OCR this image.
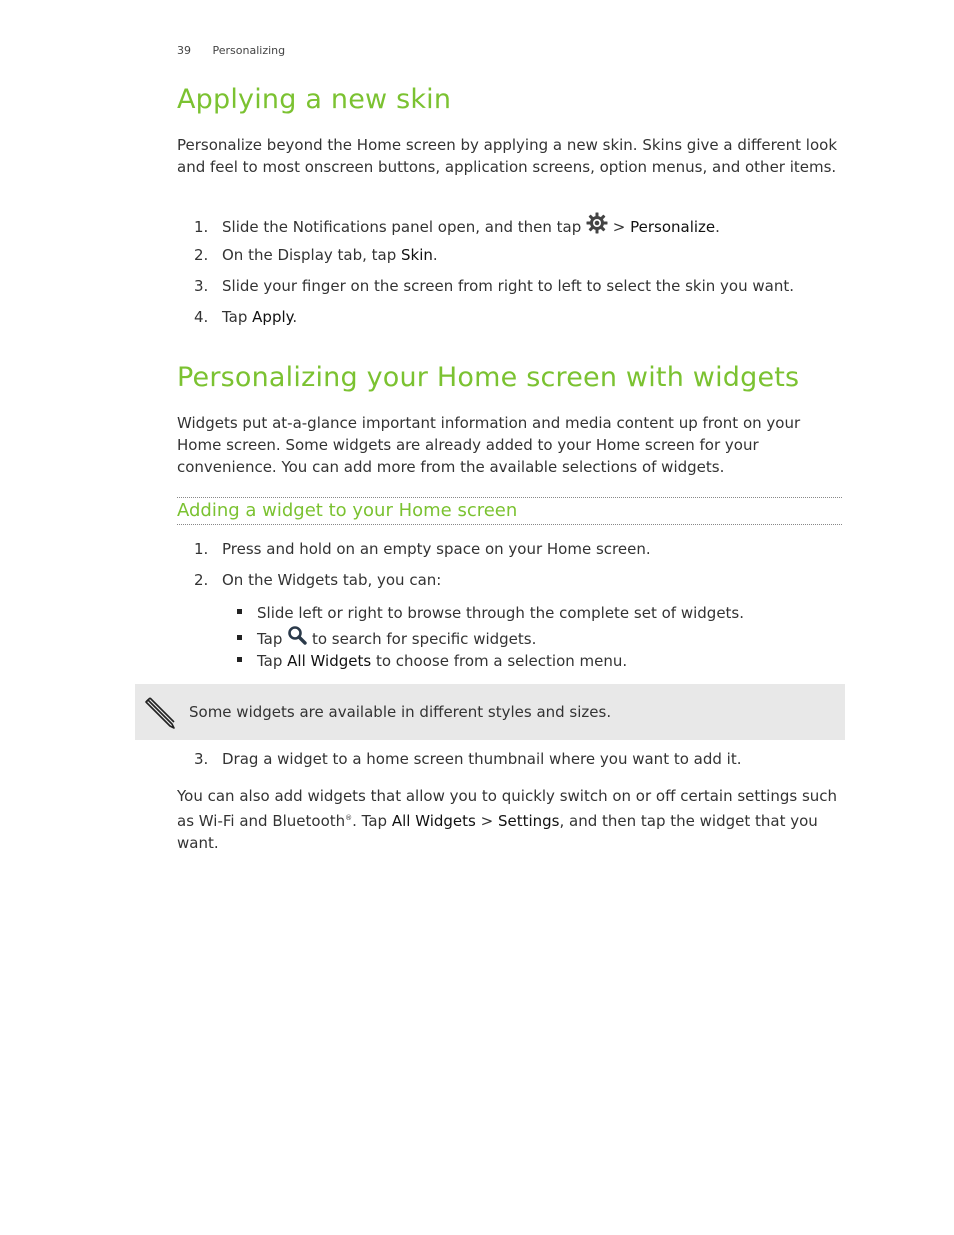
39 Personalizing
Applying a new skin

Personalize beyond the Home screen by applying a new skin. Skins give a different look and feel to most onscreen buttons, application screens, option menus, and other items.

1. Slide the Notifications panel open, and then tap  > Personalize.
2. On the Display tab, tap Skin.
3. Slide your finger on the screen from right to left to select the skin you want.
4. Tap Apply.
Personalizing your Home screen with widgets

Widgets put at-a-glance important information and media content up front on your Home screen. Some widgets are already added to your Home screen for your convenience. You can add more from the available selections of widgets.

Adding a widget to your Home screen
1. Press and hold on an empty space on your Home screen.
2. On the Widgets tab, you can:
Slide left or right to browse through the complete set of widgets.
Tap  to search for specific widgets.
Tap All Widgets to choose from a selection menu.
Some widgets are available in different styles and sizes.
3. Drag a widget to a home screen thumbnail where you want to add it.

You can also add widgets that allow you to quickly switch on or off certain settings such as Wi-Fi and Bluetooth®. Tap All Widgets > Settings, and then tap the widget that you want.
